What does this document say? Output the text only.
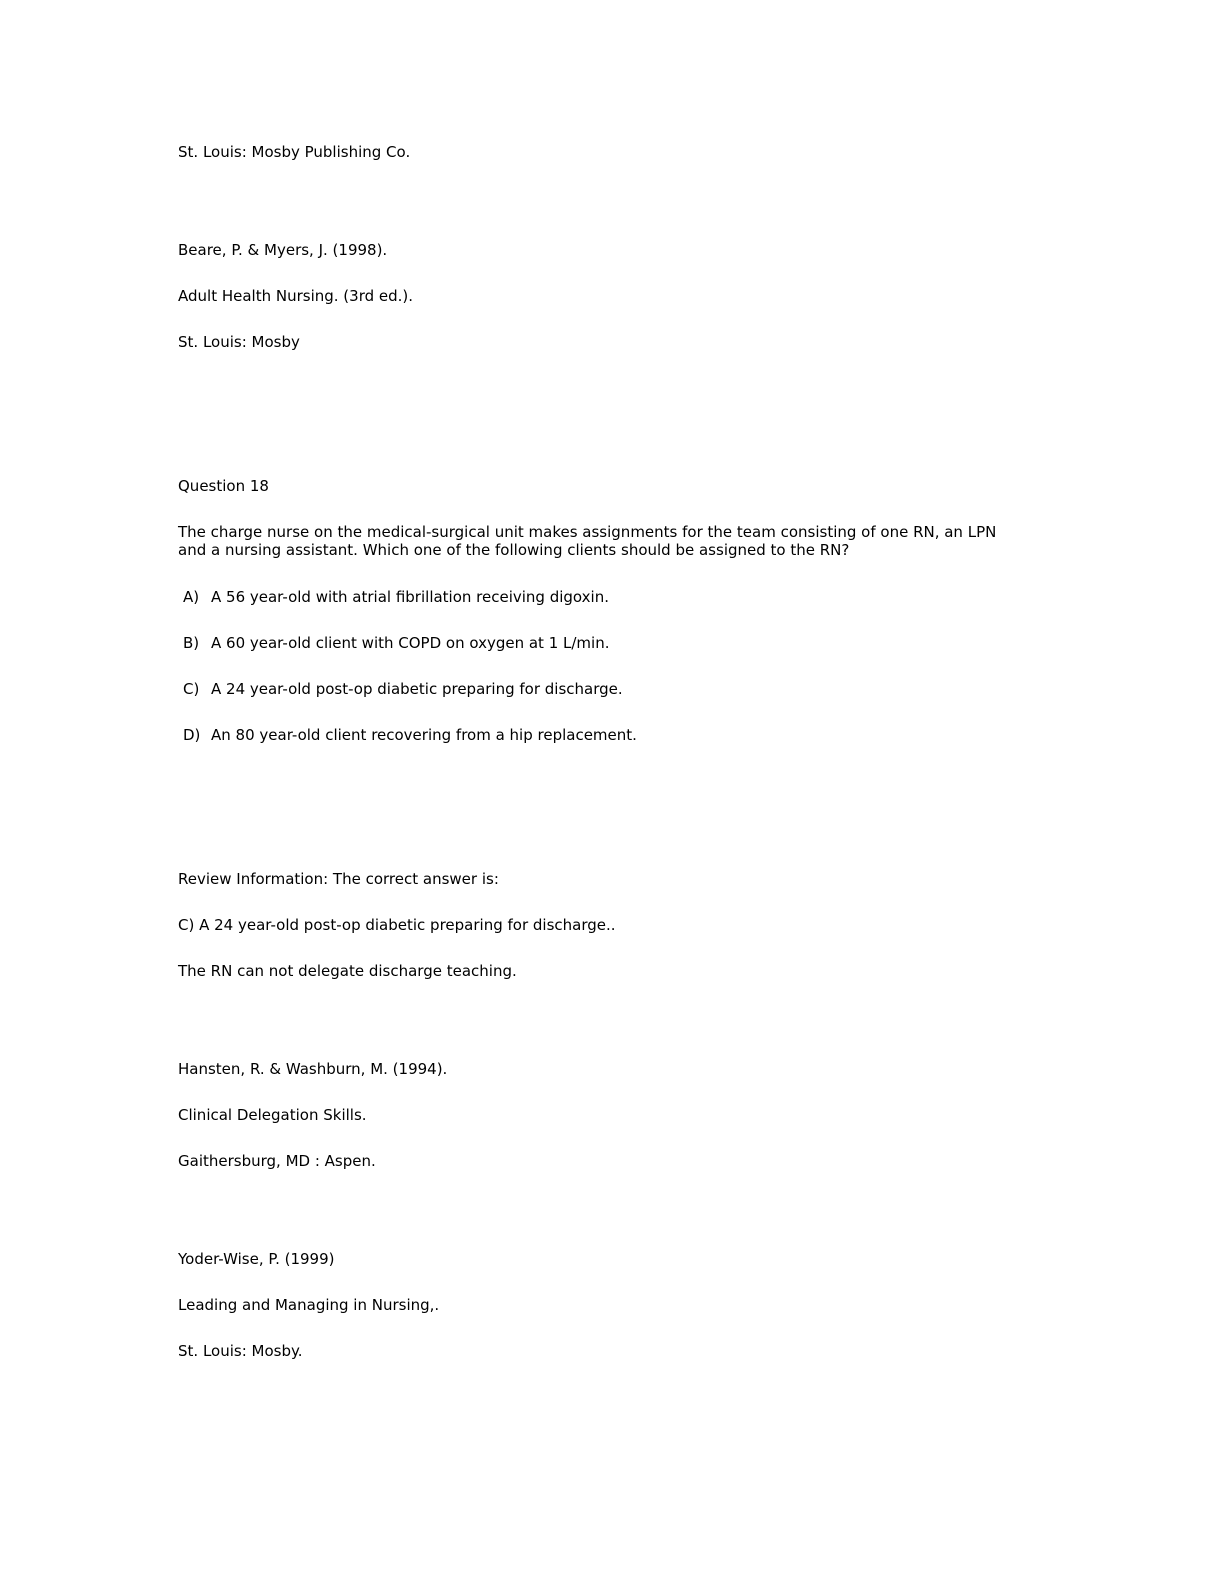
St. Louis: Mosby Publishing Co.
Beare, P. & Myers, J. (1998).
Adult Health Nursing. (3rd ed.).
St. Louis: Mosby
Question 18
The charge nurse on the medical-surgical unit makes assignments for the team consisting of one RN, an LPN and a nursing assistant. Which one of the following clients should be assigned to the RN?
A) A 56 year-old with atrial fibrillation receiving digoxin.
B) A 60 year-old client with COPD on oxygen at 1 L/min.
C) A 24 year-old post-op diabetic preparing for discharge.
D) An 80 year-old client recovering from a hip replacement.
Review Information: The correct answer is:
C) A 24 year-old post-op diabetic preparing for discharge..
The RN can not delegate discharge teaching.
Hansten, R. & Washburn, M. (1994).
Clinical Delegation Skills.
Gaithersburg, MD : Aspen.
Yoder-Wise, P. (1999)
Leading and Managing in Nursing,.
St. Louis: Mosby.
